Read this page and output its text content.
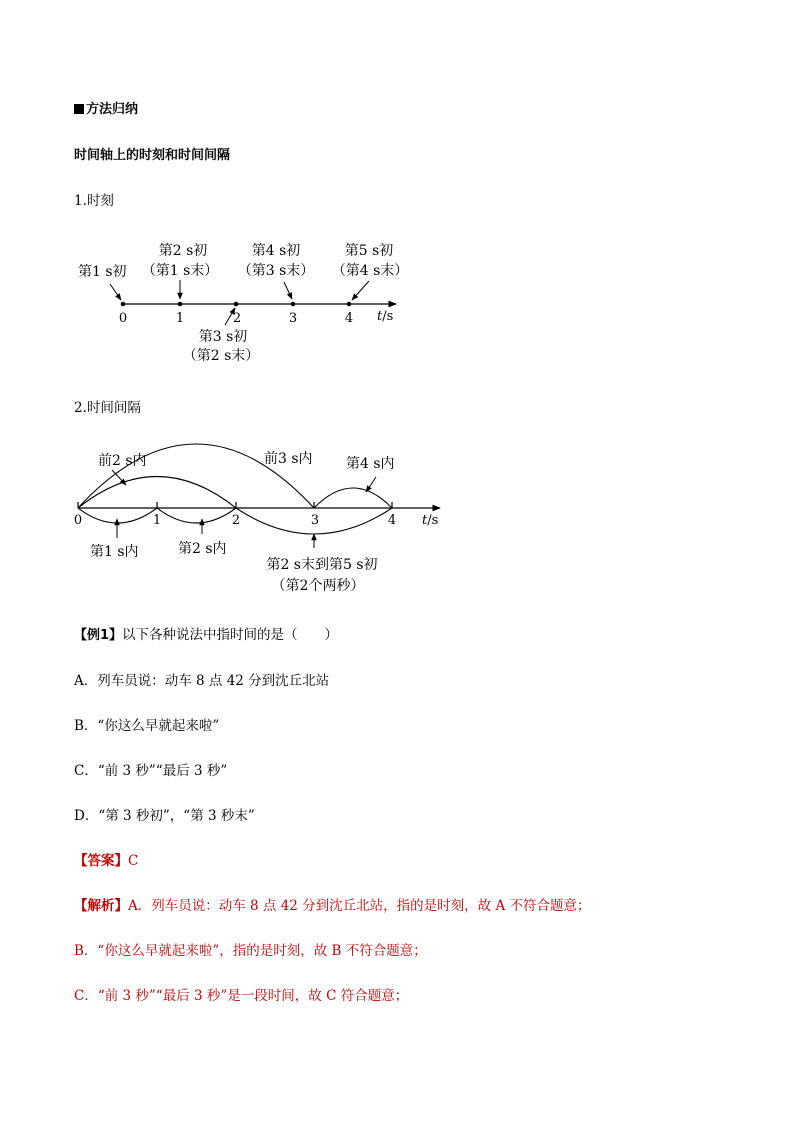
方法归纳
时间轴上的时刻和时间间隔
1.时刻
0	1	2	3	4 t/s
第1 s初
第2 s初
（第1 s末）
第4 s初
（第3 s末）
第5 s初
（第4 s末）
第3 s初
（第2 s末）
0	1	2	3	4 t/s
前2 s内	前3 s内 第4 s内
第1 s内	第2 s内
第2 s末到第5 s初
（第2个两秒）
2.时间间隔
【例1】以下各种说法中指时间的是（　　）
A．列车员说：动车 8 点 42 分到沈丘北站
B．“你这么早就起来啦”
C．“前 3 秒”“最后 3 秒”
D．“第 3 秒初”，“第 3 秒末”
【答案】C
【解析】A．列车员说：动车 8 点 42 分到沈丘北站，指的是时刻，故 A 不符合题意；
B．“你这么早就起来啦”，指的是时刻，故 B 不符合题意；
C．“前 3 秒”“最后 3 秒”是一段时间，故 C 符合题意；
